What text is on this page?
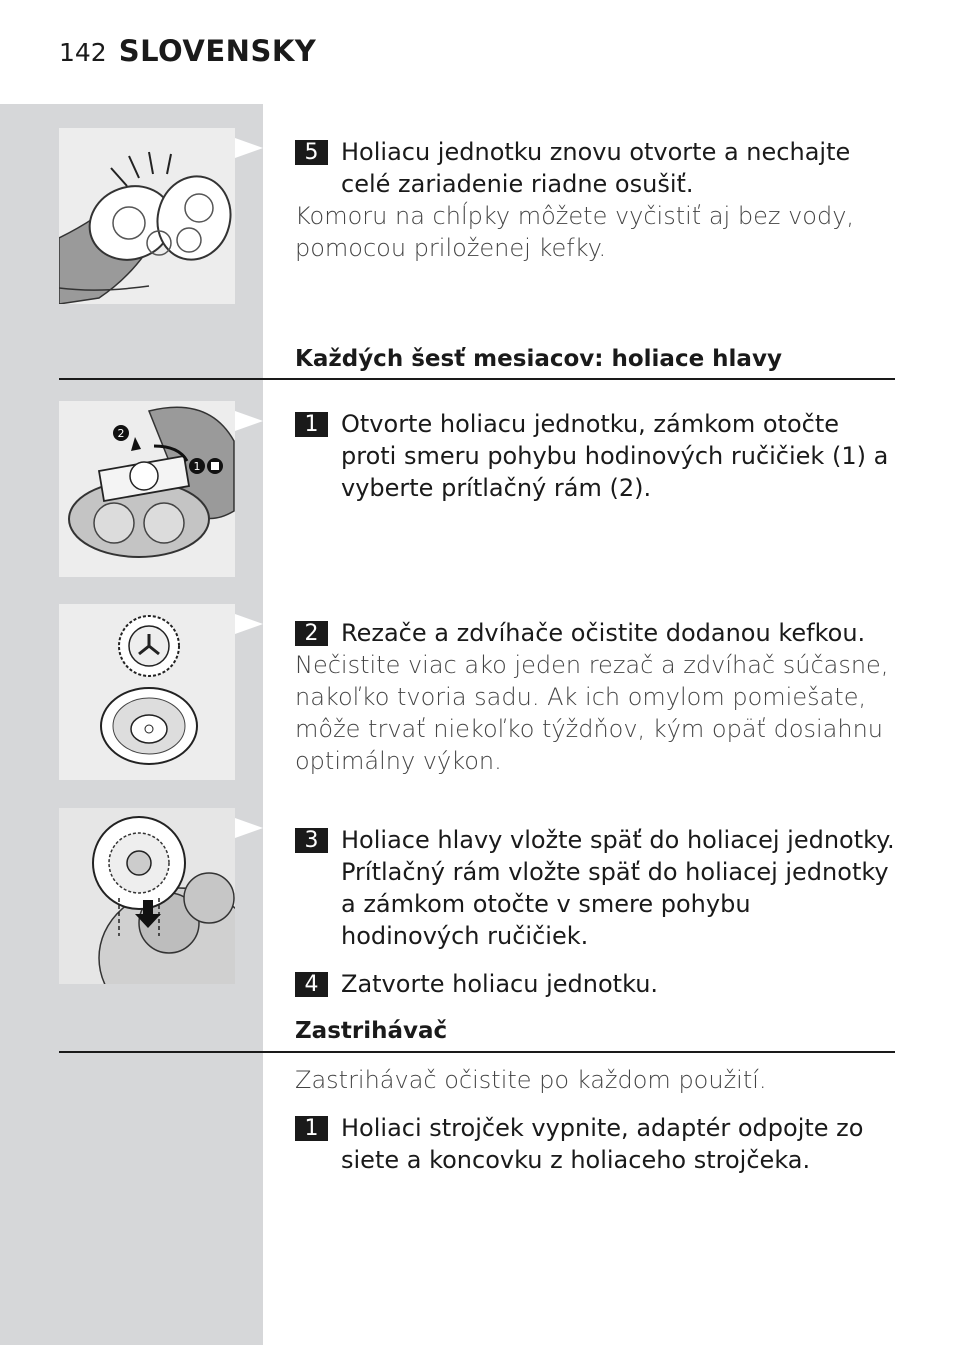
142 SLOVENSKY
5 Holiacu jednotku znovu otvorte a nechajte celé zariadenie riadne osušiť.
Komoru na chĺpky môžete vyčistiť aj bez vody, pomocou priloženej kefky.
Každých šesť mesiacov: holiace hlavy
2
1
1 Otvorte holiacu jednotku, zámkom otočte proti smeru pohybu hodinových ručičiek (1) a vyberte prítlačný rám (2).
2 Rezače a zdvíhače očistite dodanou kefkou.
Nečistite viac ako jeden rezač a zdvíhač súčasne, nakoľko tvoria sadu. Ak ich omylom pomiešate, môže trvať niekoľko týždňov, kým opäť dosiahnu optimálny výkon.
3 Holiace hlavy vložte späť do holiacej jednotky. Prítlačný rám vložte späť do holiacej jednotky a zámkom otočte v smere pohybu hodinových ručičiek.
4 Zatvorte holiacu jednotku.
Zastrihávač
Zastrihávač očistite po každom použití.
1 Holiaci strojček vypnite, adaptér odpojte zo siete a koncovku z holiaceho strojčeka.
